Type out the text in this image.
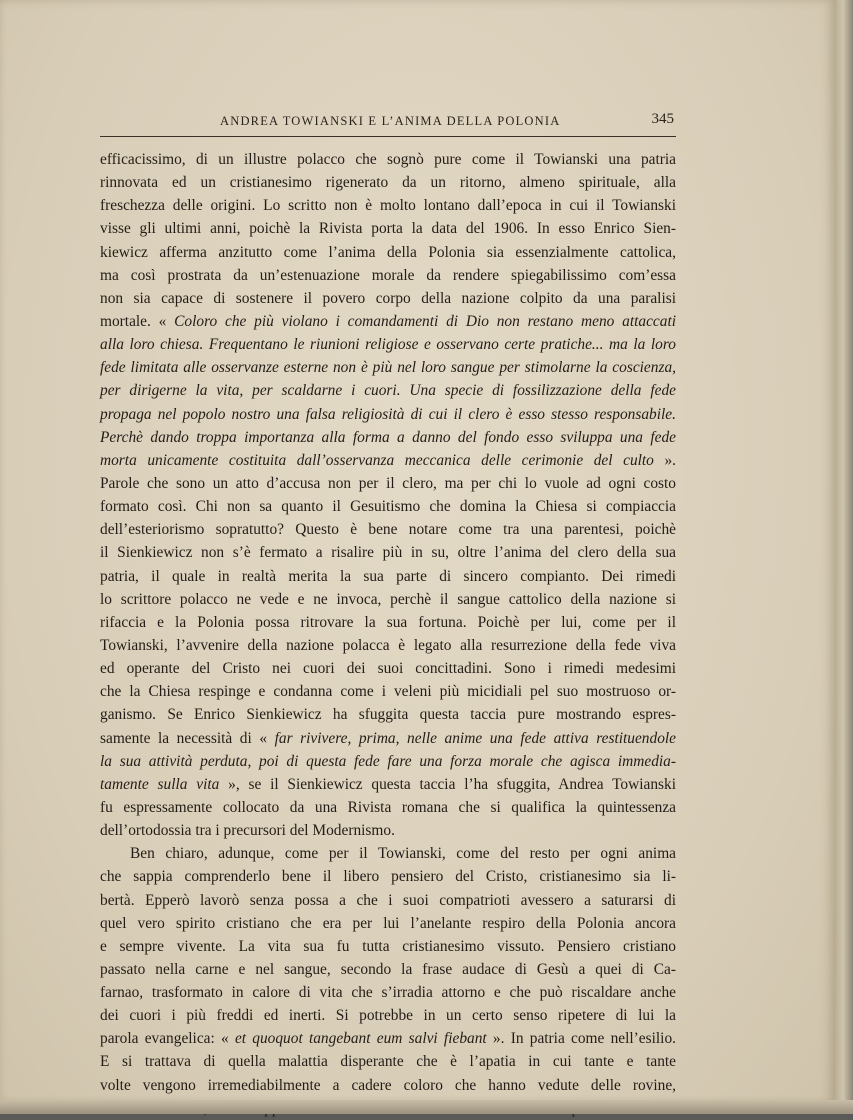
ANDREA TOWIANSKI E L’ANIMA DELLA POLONIA	345
efficacissimo, di un illustre polacco che sognò pure come il Towianski una patria
rinnovata ed un cristianesimo rigenerato da un ritorno, almeno spirituale, alla
freschezza delle origini. Lo scritto non è molto lontano dall’epoca in cui il Towianski
visse gli ultimi anni, poichè la Rivista porta la data del 1906. In esso Enrico Sien-
kiewicz afferma anzitutto come l’anima della Polonia sia essenzialmente cattolica,
ma così prostrata da un’estenuazione morale da rendere spiegabilissimo com’essa
non sia capace di sostenere il povero corpo della nazione colpito da una paralisi
mortale. « Coloro che più violano i comandamenti di Dio non restano meno attaccati
alla loro chiesa. Frequentano le riunioni religiose e osservano certe pratiche... ma la loro
fede limitata alle osservanze esterne non è più nel loro sangue per stimolarne la coscienza,
per dirigerne la vita, per scaldarne i cuori. Una specie di fossilizzazione della fede
propaga nel popolo nostro una falsa religiosità di cui il clero è esso stesso responsabile.
Perchè dando troppa importanza alla forma a danno del fondo esso sviluppa una fede
morta unicamente costituita dall’osservanza meccanica delle cerimonie del culto ».
Parole che sono un atto d’accusa non per il clero, ma per chi lo vuole ad ogni costo
formato così. Chi non sa quanto il Gesuitismo che domina la Chiesa si compiaccia
dell’esteriorismo sopratutto? Questo è bene notare come tra una parentesi, poichè
il Sienkiewicz non s’è fermato a risalire più in su, oltre l’anima del clero della sua
patria, il quale in realtà merita la sua parte di sincero compianto. Dei rimedi
lo scrittore polacco ne vede e ne invoca, perchè il sangue cattolico della nazione si
rifaccia e la Polonia possa ritrovare la sua fortuna. Poichè per lui, come per il
Towianski, l’avvenire della nazione polacca è legato alla resurrezione della fede viva
ed operante del Cristo nei cuori dei suoi concittadini. Sono i rimedi medesimi
che la Chiesa respinge e condanna come i veleni più micidiali pel suo mostruoso or-
ganismo. Se Enrico Sienkiewicz ha sfuggita questa taccia pure mostrando espres-
samente la necessità di « far rivivere, prima, nelle anime una fede attiva restituendole
la sua attività perduta, poi di questa fede fare una forza morale che agisca immedia-
tamente sulla vita », se il Sienkiewicz questa taccia l’ha sfuggita, Andrea Towianski
fu espressamente collocato da una Rivista romana che si qualifica la quintessenza
dell’ortodossia tra i precursori del Modernismo.
Ben chiaro, adunque, come per il Towianski, come del resto per ogni anima
che sappia comprenderlo bene il libero pensiero del Cristo, cristianesimo sia li-
bertà. Epperò lavorò senza possa a che i suoi compatrioti avessero a saturarsi di
quel vero spirito cristiano che era per lui l’anelante respiro della Polonia ancora
e sempre vivente. La vita sua fu tutta cristianesimo vissuto. Pensiero cristiano
passato nella carne e nel sangue, secondo la frase audace di Gesù a quei di Ca-
farnao, trasformato in calore di vita che s’irradia attorno e che può riscaldare anche
dei cuori i più freddi ed inerti. Si potrebbe in un certo senso ripetere di lui la
parola evangelica: « et quoquot tangebant eum salvi fiebant ». In patria come nell’esilio.
E si trattava di quella malattia disperante che è l’apatia in cui tante e tante
volte vengono irremediabilmente a cadere coloro che hanno vedute delle rovine,
